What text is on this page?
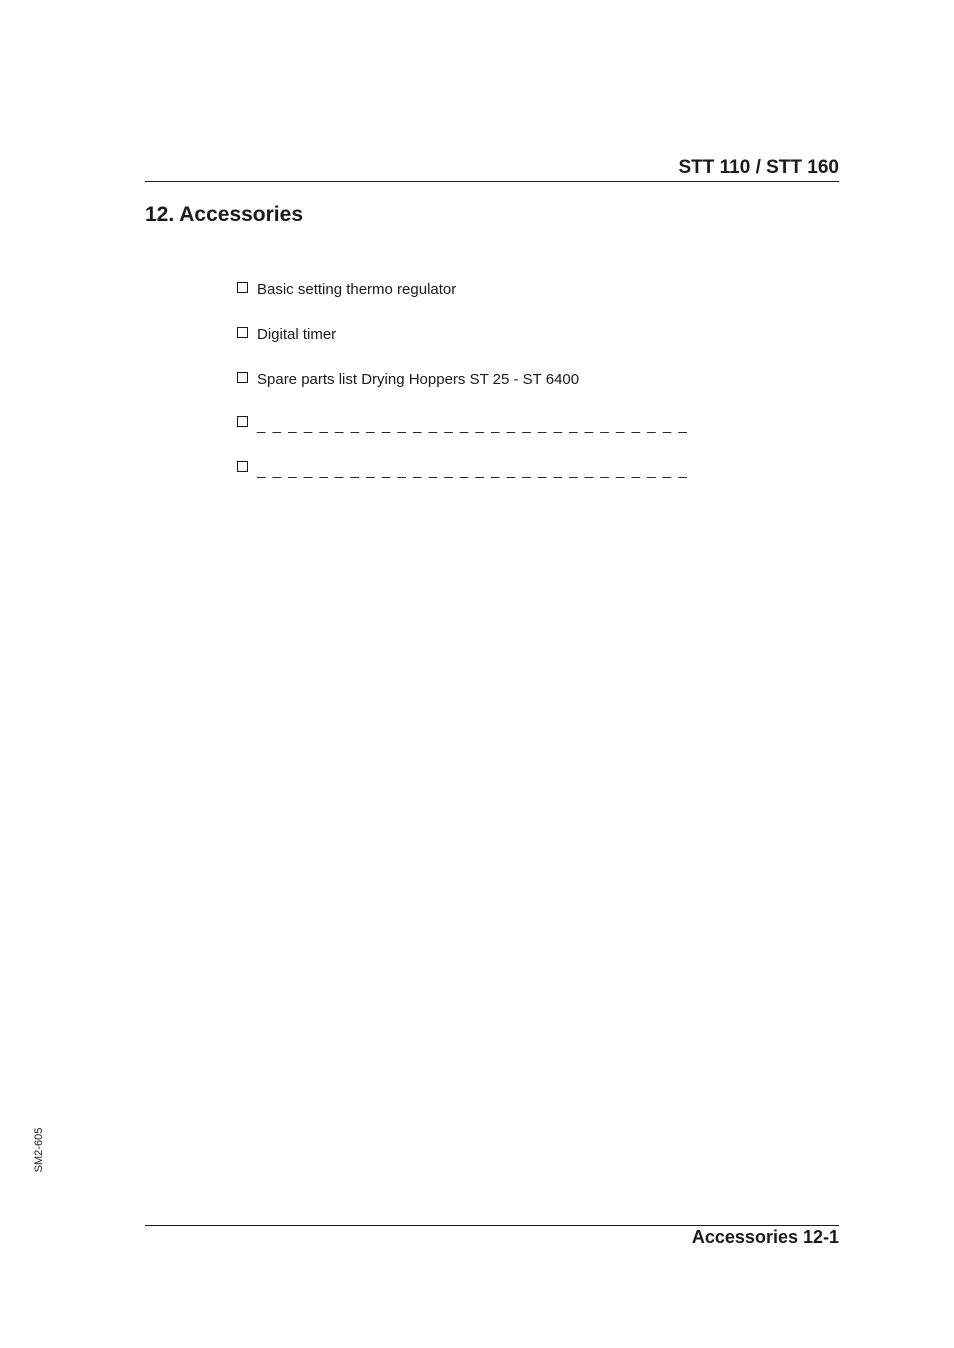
STT 110 / STT 160
12. Accessories
Basic setting thermo regulator
Digital timer
Spare parts list Drying Hoppers ST 25 - ST 6400
_ _ _ _ _ _ _ _ _ _ _ _ _ _ _ _ _ _ _ _ _ _ _ _ _ _ _ _
_ _ _ _ _ _ _ _ _ _ _ _ _ _ _ _ _ _ _ _ _ _ _ _ _ _ _ _
SM2-605
Accessories 12-1
